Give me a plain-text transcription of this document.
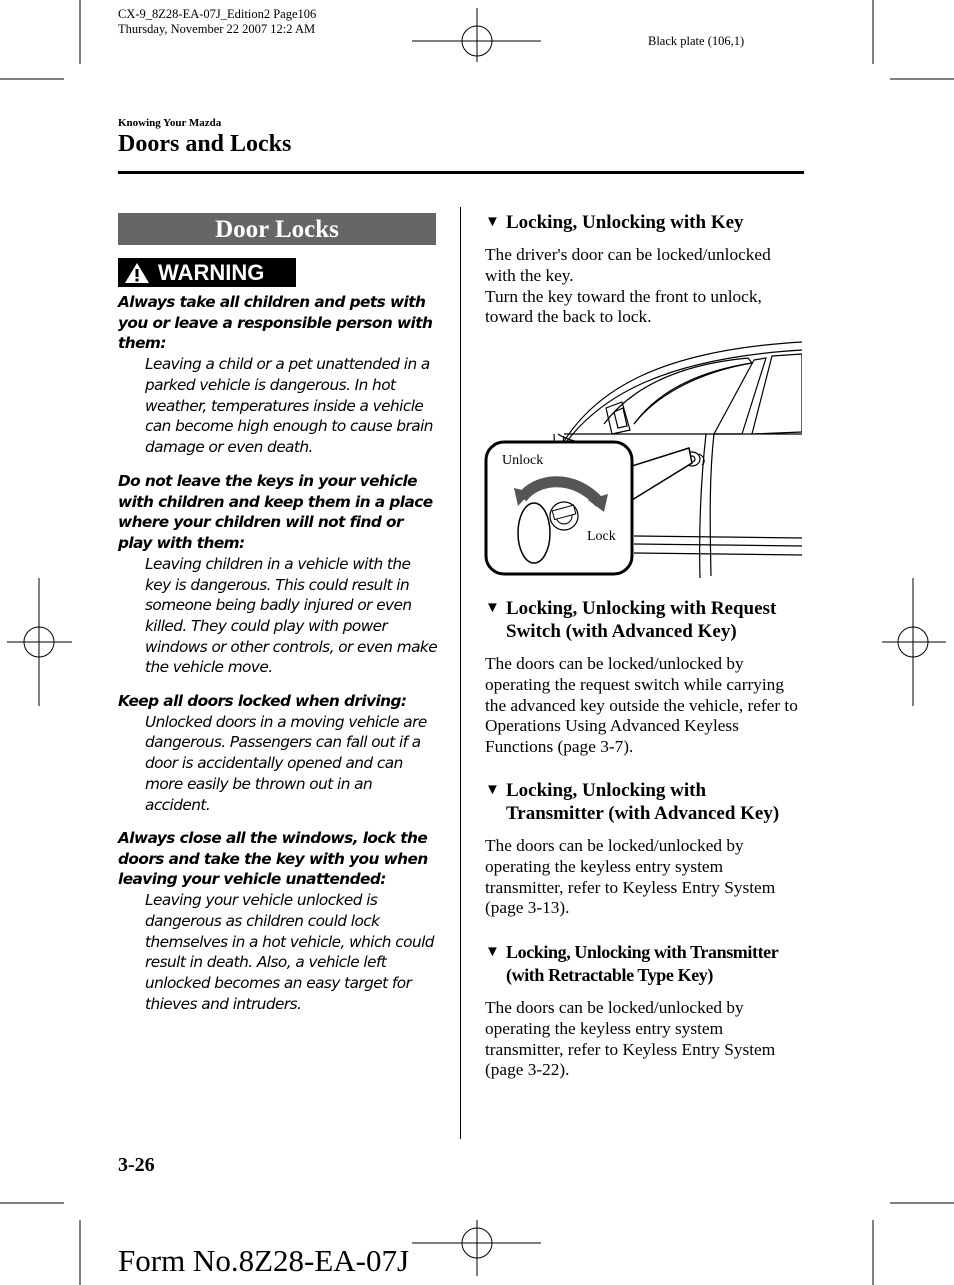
CX-9_8Z28-EA-07J_Edition2 Page106
Thursday, November 22 2007 12:2 AM
Black plate (106,1)
Knowing Your Mazda
Doors and Locks
Door Locks
WARNING
Always take all children and pets with you or leave a responsible person with them:
Leaving a child or a pet unattended in a parked vehicle is dangerous. In hot weather, temperatures inside a vehicle can become high enough to cause brain damage or even death.
Do not leave the keys in your vehicle with children and keep them in a place where your children will not find or play with them:
Leaving children in a vehicle with the key is dangerous. This could result in someone being badly injured or even killed. They could play with power windows or other controls, or even make the vehicle move.
Keep all doors locked when driving:
Unlocked doors in a moving vehicle are dangerous. Passengers can fall out if a door is accidentally opened and can more easily be thrown out in an accident.
Always close all the windows, lock the doors and take the key with you when leaving your vehicle unattended:
Leaving your vehicle unlocked is dangerous as children could lock themselves in a hot vehicle, which could result in death. Also, a vehicle left unlocked becomes an easy target for thieves and intruders.
▼ Locking, Unlocking with Key
The driver's door can be locked/unlocked with the key.
Turn the key toward the front to unlock, toward the back to lock.
Unlock
Lock
▼ Locking, Unlocking with Request Switch (with Advanced Key)
The doors can be locked/unlocked by operating the request switch while carrying the advanced key outside the vehicle, refer to Operations Using Advanced Keyless Functions (page 3-7).
▼ Locking, Unlocking with Transmitter (with Advanced Key)
The doors can be locked/unlocked by operating the keyless entry system transmitter, refer to Keyless Entry System (page 3-13).
▼ Locking, Unlocking with Transmitter (with Retractable Type Key)
The doors can be locked/unlocked by operating the keyless entry system transmitter, refer to Keyless Entry System (page 3-22).
3-26
Form No.8Z28-EA-07J
